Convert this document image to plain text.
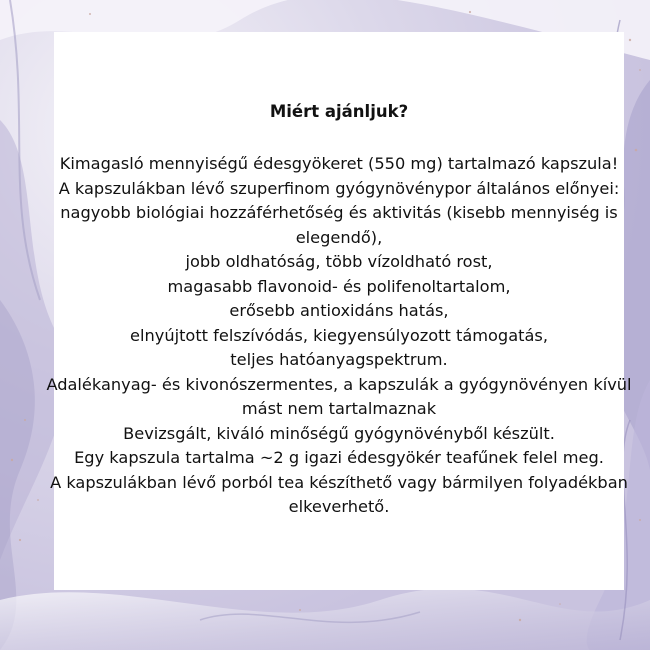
Miért ajánljuk?
Kimagasló mennyiségű édesgyökeret (550 mg) tartalmazó kapszula!
A kapszulákban lévő szuperfinom gyógynövénypor általános előnyei:
nagyobb biológiai hozzáférhetőség és aktivitás (kisebb mennyiség is elegendő),
jobb oldhatóság, több vízoldható rost,
magasabb flavonoid- és polifenoltartalom,
erősebb antioxidáns hatás,
elnyújtott felszívódás, kiegyensúlyozott támogatás,
teljes hatóanyagspektrum.
Adalékanyag- és kivonószermentes, a kapszulák a gyógynövényen kívül mást nem tartalmaznak
Bevizsgált, kiváló minőségű gyógynövényből készült.
Egy kapszula tartalma ~2 g igazi édesgyökér teafűnek felel meg.
A kapszulákban lévő porból tea készíthető vagy bármilyen folyadékban elkeverhető.
